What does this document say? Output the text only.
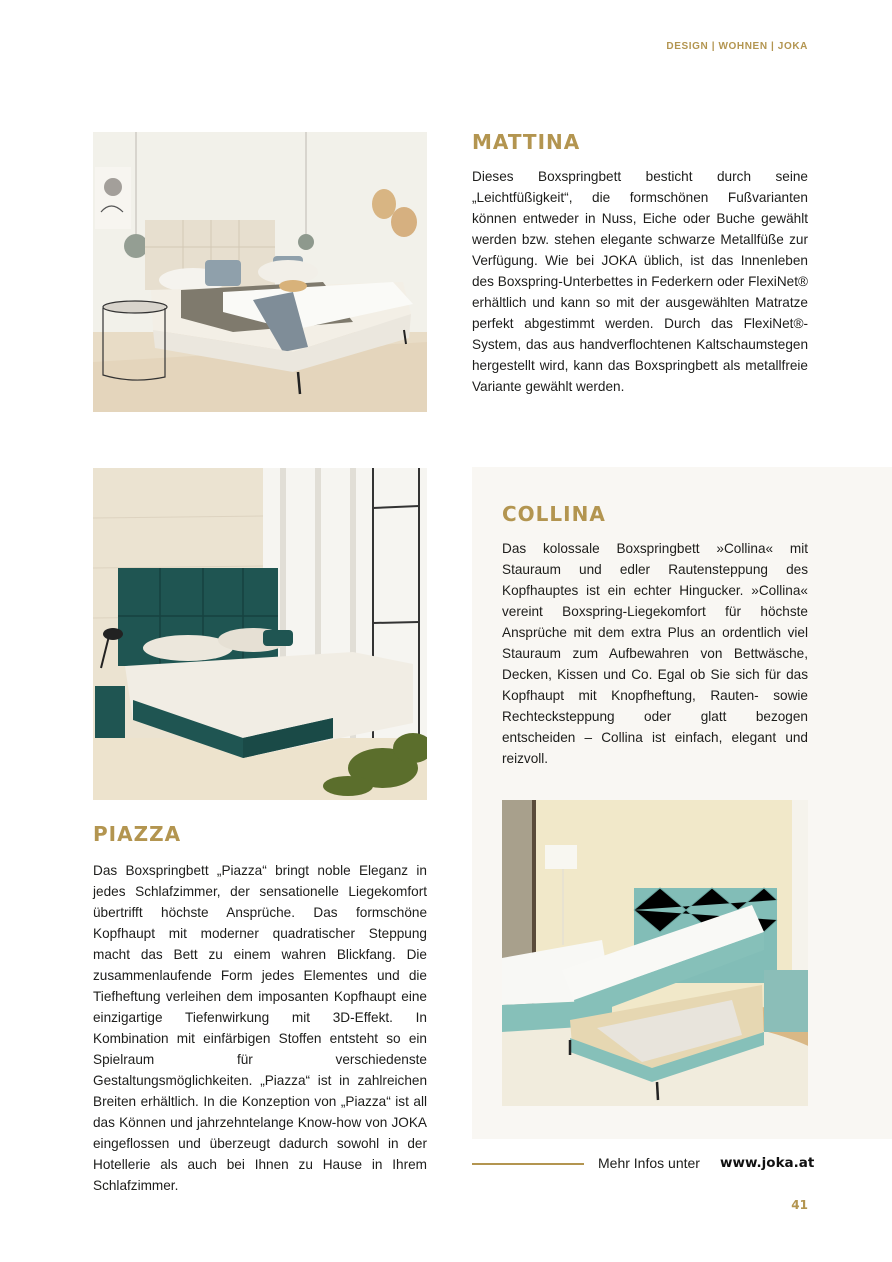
DESIGN | WOHNEN | JOKA
MATTINA

Dieses Boxspringbett besticht durch seine „Leichtfüßigkeit“, die formschönen Fußvarianten können entweder in Nuss, Eiche oder Buche gewählt werden bzw. stehen elegante schwarze Metallfüße zur Verfügung. Wie bei JOKA üblich, ist das Innenleben des Boxspring-Unterbettes in Federkern oder FlexiNet® erhältlich und kann so mit der ausgewählten Matratze perfekt abgestimmt werden. Durch das FlexiNet®-System, das aus handverflochtenen Kaltschaumstegen hergestellt wird, kann das Boxspringbett als metallfreie Variante gewählt werden.

PIAZZA

Das Boxspringbett „Piazza“ bringt noble Eleganz in jedes Schlafzimmer, der sensationelle Liegekomfort übertrifft höchste Ansprüche. Das formschöne Kopfhaupt mit moderner quadratischer Steppung macht das Bett zu einem wahren Blickfang. Die zusammenlaufende Form jedes Elementes und die Tiefheftung verleihen dem imposanten Kopfhaupt eine einzigartige Tiefenwirkung mit 3D-Effekt. In Kombination mit einfärbigen Stoffen entsteht so ein Spielraum für verschiedenste Gestaltungsmöglichkeiten. „Piazza“ ist in zahlreichen Breiten erhältlich. In die Konzeption von „Piazza“ ist all das Können und jahrzehntelange Know-how von JOKA eingeflossen und überzeugt dadurch sowohl in der Hotellerie als auch bei Ihnen zu Hause in Ihrem Schlafzimmer.

COLLINA

Das kolossale Boxspringbett »Collina« mit Stauraum und edler Rautensteppung des Kopfhauptes ist ein echter Hingucker. »Collina« vereint Boxspring-Liegekomfort für höchste Ansprüche mit dem extra Plus an ordentlich viel Stauraum zum Aufbewahren von Bettwäsche, Decken, Kissen und Co. Egal ob Sie sich für das Kopfhaupt mit Knopfheftung, Rauten- sowie Rechtecksteppung oder glatt bezogen entscheiden – Collina ist einfach, elegant und reizvoll.

Mehr Infos unter www.joka.at
41
